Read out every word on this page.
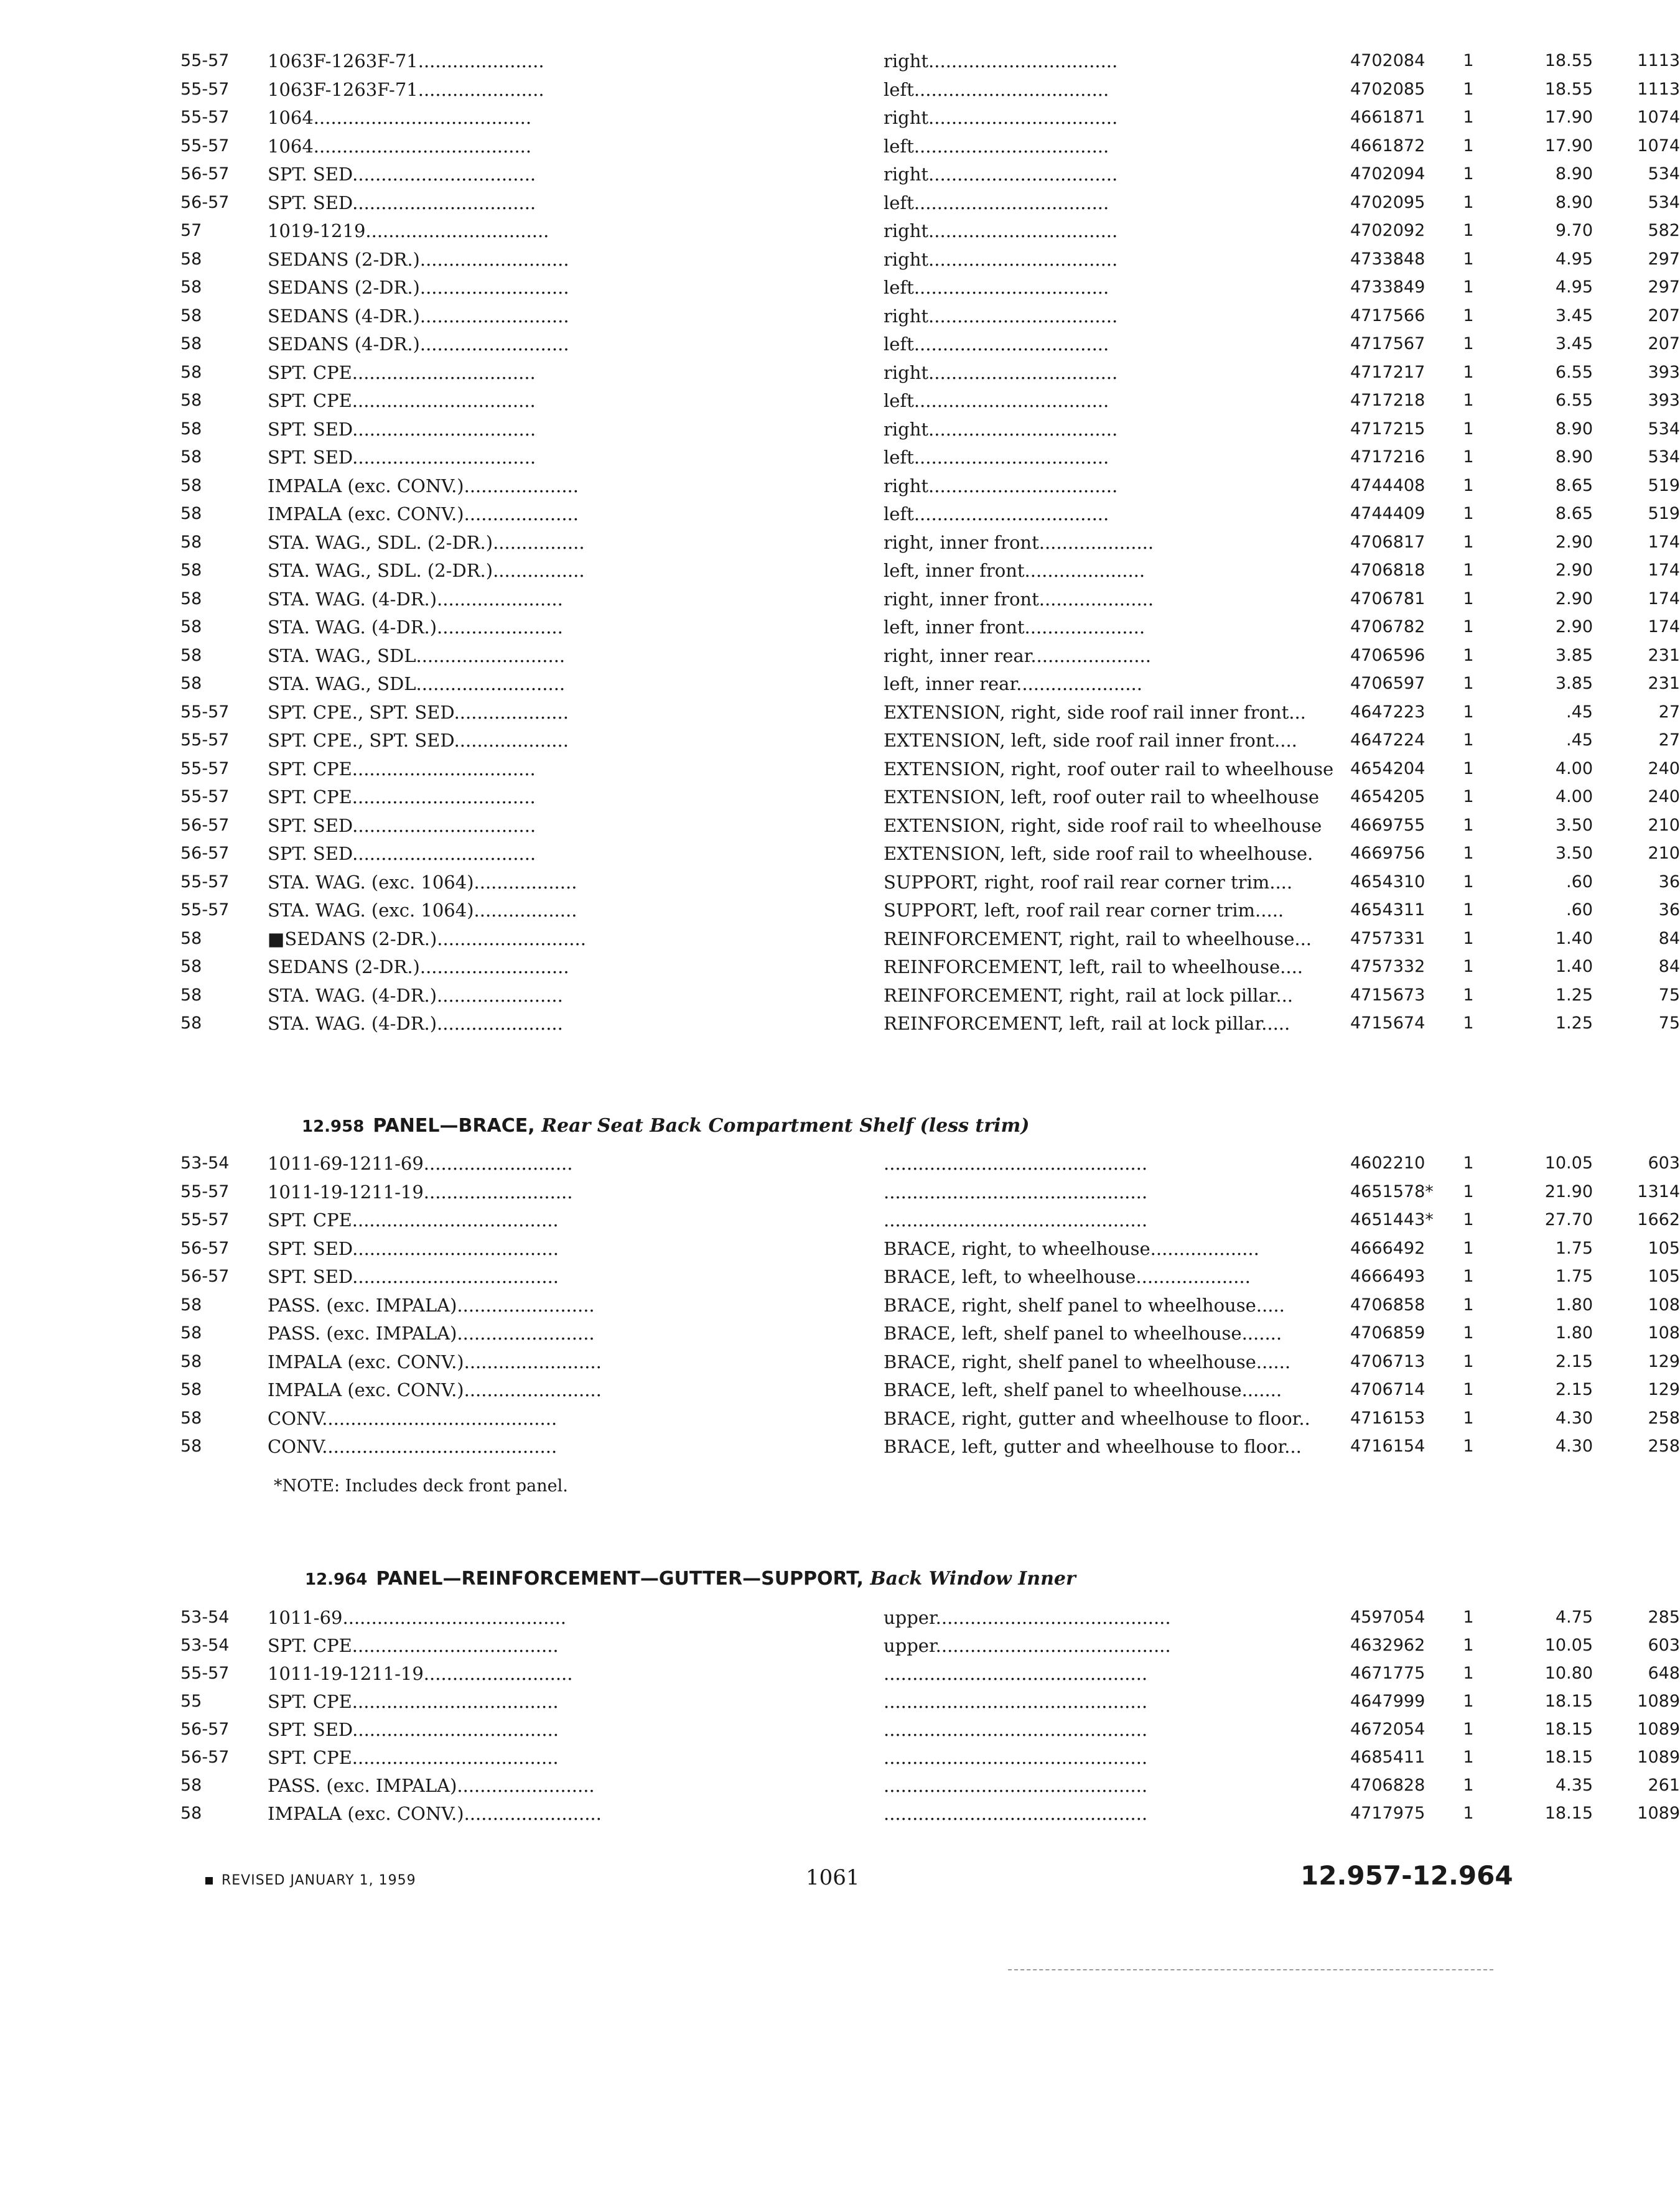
55-57	1063F-1263F-71......................	right.................................	4702084	1	18.55	1113
55-57	1063F-1263F-71......................	left..................................	4702085	1	18.55	1113
55-57	1064......................................	right.................................	4661871	1	17.90	1074
55-57	1064......................................	left..................................	4661872	1	17.90	1074
56-57	SPT. SED................................	right.................................	4702094	1	8.90	534
56-57	SPT. SED................................	left..................................	4702095	1	8.90	534
57	1019-1219................................	right.................................	4702092	1	9.70	582
58	SEDANS (2-DR.)..........................	right.................................	4733848	1	4.95	297
58	SEDANS (2-DR.)..........................	left..................................	4733849	1	4.95	297
58	SEDANS (4-DR.)..........................	right.................................	4717566	1	3.45	207
58	SEDANS (4-DR.)..........................	left..................................	4717567	1	3.45	207
58	SPT. CPE................................	right.................................	4717217	1	6.55	393
58	SPT. CPE................................	left..................................	4717218	1	6.55	393
58	SPT. SED................................	right.................................	4717215	1	8.90	534
58	SPT. SED................................	left..................................	4717216	1	8.90	534
58	IMPALA (exc. CONV.)....................	right.................................	4744408	1	8.65	519
58	IMPALA (exc. CONV.)....................	left..................................	4744409	1	8.65	519
58	STA. WAG., SDL. (2-DR.)................	right, inner front....................	4706817	1	2.90	174
58	STA. WAG., SDL. (2-DR.)................	left, inner front.....................	4706818	1	2.90	174
58	STA. WAG. (4-DR.)......................	right, inner front....................	4706781	1	2.90	174
58	STA. WAG. (4-DR.)......................	left, inner front.....................	4706782	1	2.90	174
58	STA. WAG., SDL..........................	right, inner rear.....................	4706596	1	3.85	231
58	STA. WAG., SDL..........................	left, inner rear......................	4706597	1	3.85	231
55-57	SPT. CPE., SPT. SED....................	EXTENSION, right, side roof rail inner front...	4647223	1	.45	27
55-57	SPT. CPE., SPT. SED....................	EXTENSION, left, side roof rail inner front....	4647224	1	.45	27
55-57	SPT. CPE................................	EXTENSION, right, roof outer rail to wheelhouse 4654204	1	4.00	240
55-57	SPT. CPE................................	EXTENSION, left, roof outer rail to wheelhouse	4654205	1	4.00	240
56-57	SPT. SED................................	EXTENSION, right, side roof rail to wheelhouse	4669755	1	3.50	210
56-57	SPT. SED................................	EXTENSION, left, side roof rail to wheelhouse.	4669756	1	3.50	210
55-57	STA. WAG. (exc. 1064)..................	SUPPORT, right, roof rail rear corner trim....	4654310	1	.60	36
55-57	STA. WAG. (exc. 1064)..................	SUPPORT, left, roof rail rear corner trim.....	4654311	1	.60	36
58	■SEDANS (2-DR.)..........................	REINFORCEMENT, right, rail to wheelhouse...	4757331	1	1.40	84
58	SEDANS (2-DR.)..........................	REINFORCEMENT, left, rail to wheelhouse....	4757332	1	1.40	84
58	STA. WAG. (4-DR.)......................	REINFORCEMENT, right, rail at lock pillar...	4715673	1	1.25	75
58	STA. WAG. (4-DR.)......................	REINFORCEMENT, left, rail at lock pillar.....	4715674	1	1.25	75
12.958 PANEL—BRACE, Rear Seat Back Compartment Shelf (less trim)
53-54	1011-69-1211-69..........................	..............................................	4602210	1	10.05	603
55-57	1011-19-1211-19..........................	..............................................	4651578*	1	21.90	1314
55-57	SPT. CPE....................................	..............................................	4651443*	1	27.70	1662
56-57	SPT. SED....................................	BRACE, right, to wheelhouse...................	4666492	1	1.75	105
56-57	SPT. SED....................................	BRACE, left, to wheelhouse....................	4666493	1	1.75	105
58	PASS. (exc. IMPALA)........................	BRACE, right, shelf panel to wheelhouse.....	4706858	1	1.80	108
58	PASS. (exc. IMPALA)........................	BRACE, left, shelf panel to wheelhouse.......	4706859	1	1.80	108
58	IMPALA (exc. CONV.)........................	BRACE, right, shelf panel to wheelhouse......	4706713	1	2.15	129
58	IMPALA (exc. CONV.)........................	BRACE, left, shelf panel to wheelhouse.......	4706714	1	2.15	129
58	CONV.........................................	BRACE, right, gutter and wheelhouse to floor..	4716153	1	4.30	258
58	CONV.........................................	BRACE, left, gutter and wheelhouse to floor...	4716154	1	4.30	258
*NOTE: Includes deck front panel.
12.964 PANEL—REINFORCEMENT—GUTTER—SUPPORT, Back Window Inner
53-54	1011-69.......................................	upper.........................................	4597054	1	4.75	285
53-54	SPT. CPE....................................	upper.........................................	4632962	1	10.05	603
55-57	1011-19-1211-19..........................	..............................................	4671775	1	10.80	648
55	SPT. CPE....................................	..............................................	4647999	1	18.15	1089
56-57	SPT. SED....................................	..............................................	4672054	1	18.15	1089
56-57	SPT. CPE....................................	..............................................	4685411	1	18.15	1089
58	PASS. (exc. IMPALA)........................	..............................................	4706828	1	4.35	261
58	IMPALA (exc. CONV.)........................	..............................................	4717975	1	18.15	1089
REVISED JANUARY 1, 1959	1061	12.957-12.964
